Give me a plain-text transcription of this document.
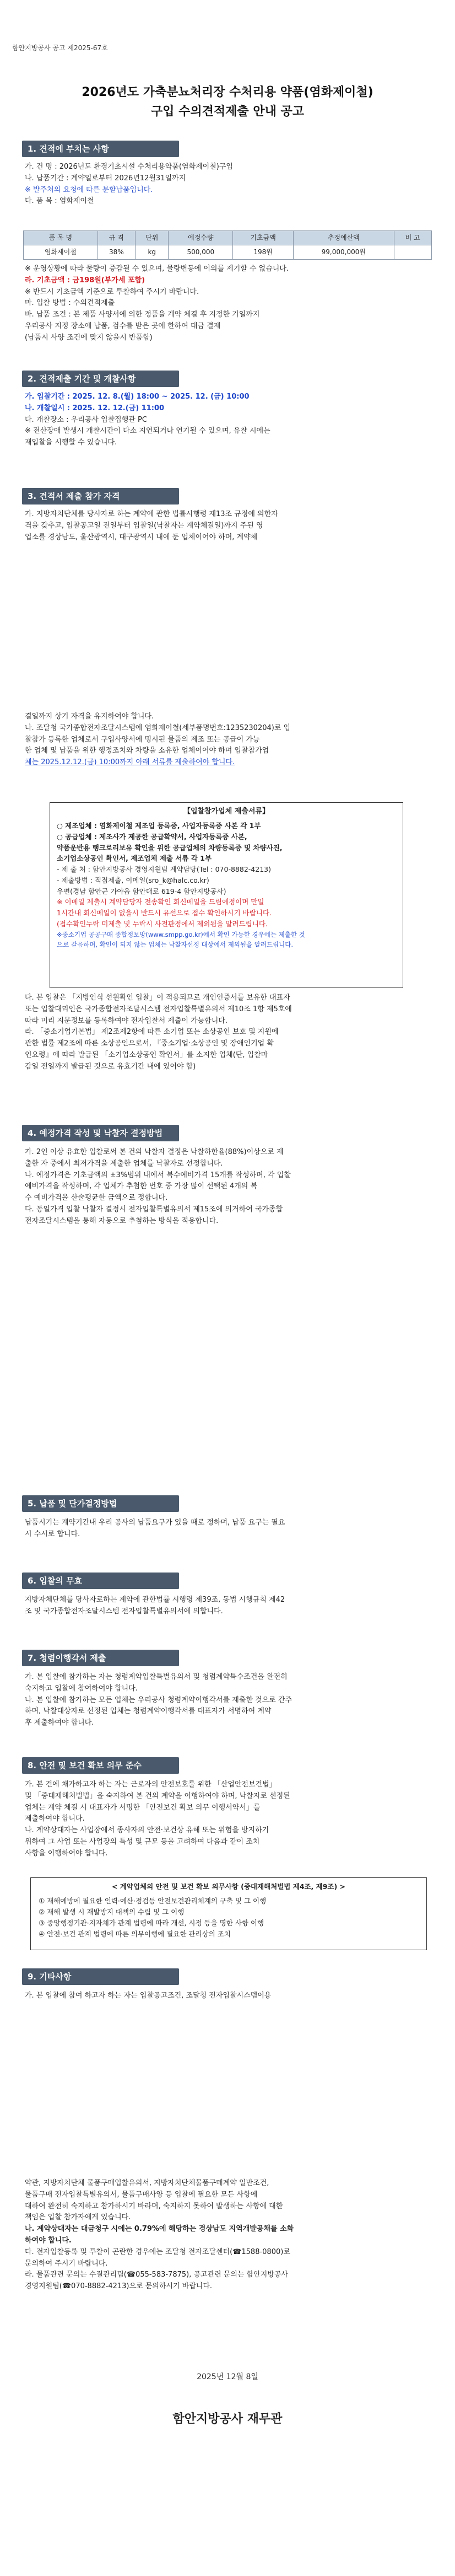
함안지방공사 공고 제2025-67호
2026년도 가축분뇨처리장 수처리용 약품(염화제이철)
구입 수의견적제출 안내 공고
1. 견적에 부치는 사항
가. 건 명 : 2026년도 환경기초시설 수처리용약품(염화제이철)구입
나. 납품기간 : 계약일로부터 2026년12월31일까지
※ 발주처의 요청에 따른 분할납품입니다.
다. 품 목 : 염화제이철
품 목 명	규 격	단위	예정수량	기초금액	추정예산액	비 고
염화제이철	38%	kg	500,000	198원	99,000,000원	
※ 운영상황에 따라 물량이 증감될 수 있으며, 물량변동에 이의를 제기할 수 없습니다.
라. 기초금액 : 금198원(부가세 포함)
※ 반드시 기초금액 기준으로 투찰하여 주시기 바랍니다.
마. 입찰 방법 : 수의견적제출
바. 납품 조건 : 본 제품 사양서에 의한 정품을 계약 체결 후 지정한 기일까지
우리공사 지정 장소에 납품, 검수를 받은 곳에 한하여 대금 결제
(납품시 사양 조건에 맞지 않을시 반품함)
2. 견적제출 기간 및 개찰사항
가. 입찰기간 : 2025. 12. 8.(월) 18:00 ~ 2025. 12. (금) 10:00
나. 개찰일시 : 2025. 12. 12.(금) 11:00
다. 개찰장소 : 우리공사 입찰집행관 PC
※ 전산장애 발생시 개찰시간이 다소 지연되거나 연기될 수 있으며, 유찰 시에는
재입찰을 시행할 수 있습니다.
3. 견적서 제출 참가 자격
가. 지방자치단체를 당사자로 하는 계약에 관한 법률시행령 제13조 규정에 의한자
격을 갖추고, 입찰공고일 전일부터 입찰일(낙찰자는 계약체결일)까지 주된 영
업소를 경상남도, 울산광역시, 대구광역시 내에 둔 업체이어야 하며, 계약체
결일까지 상기 자격을 유지하여야 합니다.
나. 조달청 국가종합전자조달시스템에 염화제이철(세부품명번호:1235230204)로 입
찰참가 등록한 업체로서 구입사양서에 명시된 물품의 제조 또는 공급이 가능
한 업체 및 납품을 위한 행정조치와 차량을 소유한 업체이어야 하며 입찰참가업
체는 2025.12.12.(금) 10:00까지 아래 서류를 제출하여야 합니다.
【입찰참가업체 제출서류】
○ 제조업체 : 염화제이철 제조업 등록증, 사업자등록증 사본 각 1부
○ 공급업체 : 제조사가 제공한 공급확약서, 사업자등록증 사본,
약품운반용 탱크로리보유 확인을 위한 공급업체의 차량등록증 및 차량사진,
소기업소상공인 확인서, 제조업체 제출 서류 각 1부
- 제 출 처 : 함안지방공사 경영지원팀 계약담당(Tel : 070-8882-4213)
- 제출방법 : 직접제출, 이메일(sro_k@halc.co.kr)
우편(경남 함안군 가야읍 함안대로 619-4 함안지방공사)
※ 이메일 제출시 계약담당자 전송확인 회신메일을 드림예정이며 만일
1시간내 회신메일이 없을시 반드시 유선으로 접수 확인하시기 바랍니다.
(접수확인누락 미제출 및 누락시 사전판정에서 제외됨을 알려드립니다.
※중소기업 공공구매 종합정보망(www.smpp.go.kr)에서 확인 가능한 경우에는 제출한 것
으로 갈음하며, 확인이 되지 않는 업체는 낙찰자선정 대상에서 제외됨을 알려드립니다.
다. 본 입찰은 「지방인식 선원확인 입찰」이 적용되므로 개인인증서를 보유한 대표자
또는 입찰대리인은 국가종합전자조달시스템 전자입찰특별유의서 제10조 1항 제5호에
따라 미리 지문정보를 등록하여야 전자입찰서 제출이 가능합니다.
라. 「중소기업기본법」 제2조제2항에 따른 소기업 또는 소상공인 보호 및 지원에
관한 법률 제2조에 따른 소상공인으로서, 『중소기업·소상공인 및 장애인기업 확
인요령』에 따라 발급된 「소기업소상공인 확인서」를 소지한 업체(단, 입찰마
감일 전일까지 발급된 것으로 유효기간 내에 있어야 함)
4. 예정가격 작성 및 낙찰자 결정방법
가. 2인 이상 유효한 입찰로써 본 건의 낙찰자 결정은 낙찰하한율(88%)이상으로 제
출한 자 중에서 최저가격을 제출한 업체를 낙찰자로 선정합니다.
나. 예정가격은 기초금액의 ±3%범위 내에서 복수예비가격 15개를 작성하며, 각 입찰
예비가격을 작성하며, 각 업체가 추첨한 번호 중 가장 많이 선택된 4개의 복
수 예비가격을 산술평균한 금액으로 정합니다.
다. 동일가격 입찰 낙찰자 결정시 전자입찰특별유의서 제15조에 의거하여 국가종합
전자조달시스템을 통해 자동으로 추첨하는 방식을 적용합니다.
5. 납품 및 단가결정방법
납품시기는 계약기간내 우리 공사의 납품요구가 있을 때로 정하며, 납품 요구는 필요
시 수시로 합니다.
6. 입찰의 무효
지방자체단체를 당사자로하는 계약에 관한법률 시행령 제39조, 동법 시행규칙 제42
조 및 국가종합전자조달시스템 전자입찰특별유의서에 의합니다.
7. 청렴이행각서 제출
가. 본 입찰에 참가하는 자는 청렴계약입찰특별유의서 및 청렴계약특수조건을 완전히
숙지하고 입찰에 참여하여야 합니다.
나. 본 입찰에 참가하는 모든 업체는 우리공사 청렴계약이행각서를 제출한 것으로 간주
하며, 낙찰대상자로 선정된 업체는 청렴계약이행각서를 대표자가 서명하여 계약
후 제출하여야 합니다.
8. 안전 및 보건 확보 의무 준수
가. 본 건에 채가하고자 하는 자는 근로자의 안전보호를 위한 「산업안전보건법」
및 「중대재해처벌법」을 숙지하여 본 건의 계약을 이행하여야 하며, 낙찰자로 선정된
업체는 계약 체결 시 대표자가 서명한 「안전보건 확보 의무 이행서약서」를
제출하여야 합니다.
나. 계약상대자는 사업장에서 종사자의 안전·보건상 유해 또는 위험을 방지하기
위하여 그 사업 또는 사업장의 특성 및 규모 등을 고려하여 다음과 같이 조치
사항을 이행하여야 합니다.
< 계약업체의 안전 및 보건 확보 의무사항 (중대재해처벌법 제4조, 제9조) >
① 재해예방에 필요한 인력·예산·점검등 안전보건관리체계의 구축 및 그 이행
② 재해 발생 시 재발방지 대책의 수립 및 그 이행
③ 중앙행정기관·지자체가 관계 법령에 따라 개선, 시정 등을 명한 사항 이행
④ 안전·보건 관계 법령에 따른 의무이행에 필요한 관리상의 조치
9. 기타사항
가. 본 입찰에 참여 하고자 하는 자는 입찰공고조건, 조달청 전자입찰시스템이용
약관, 지방자치단체 물품구매입찰유의서, 지방자치단체물품구매계약 일반조건,
물품구매 전자입찰특별유의서, 물품구매사양 등 입찰에 필요한 모든 사항에
대하여 완전히 숙지하고 참가하시기 바라며, 숙지하지 못하여 발생하는 사항에 대한
책임은 입찰 참가자에게 있습니다.
나. 계약상대자는 대금청구 시에는 0.79%에 해당하는 경상남도 지역개발공채를 소화
하여야 합니다.
다. 전자입찰등록 및 투찰이 곤란한 경우에는 조달청 전자조달센터(☎1588-0800)로
문의하여 주시기 바랍니다.
라. 물품관련 문의는 수질관리팀(☎055-583-7875), 공고관련 문의는 함안지방공사
경영지원팀(☎070-8882-4213)으로 문의하시기 바랍니다.
2025년 12월 8일
함안지방공사 재무관
